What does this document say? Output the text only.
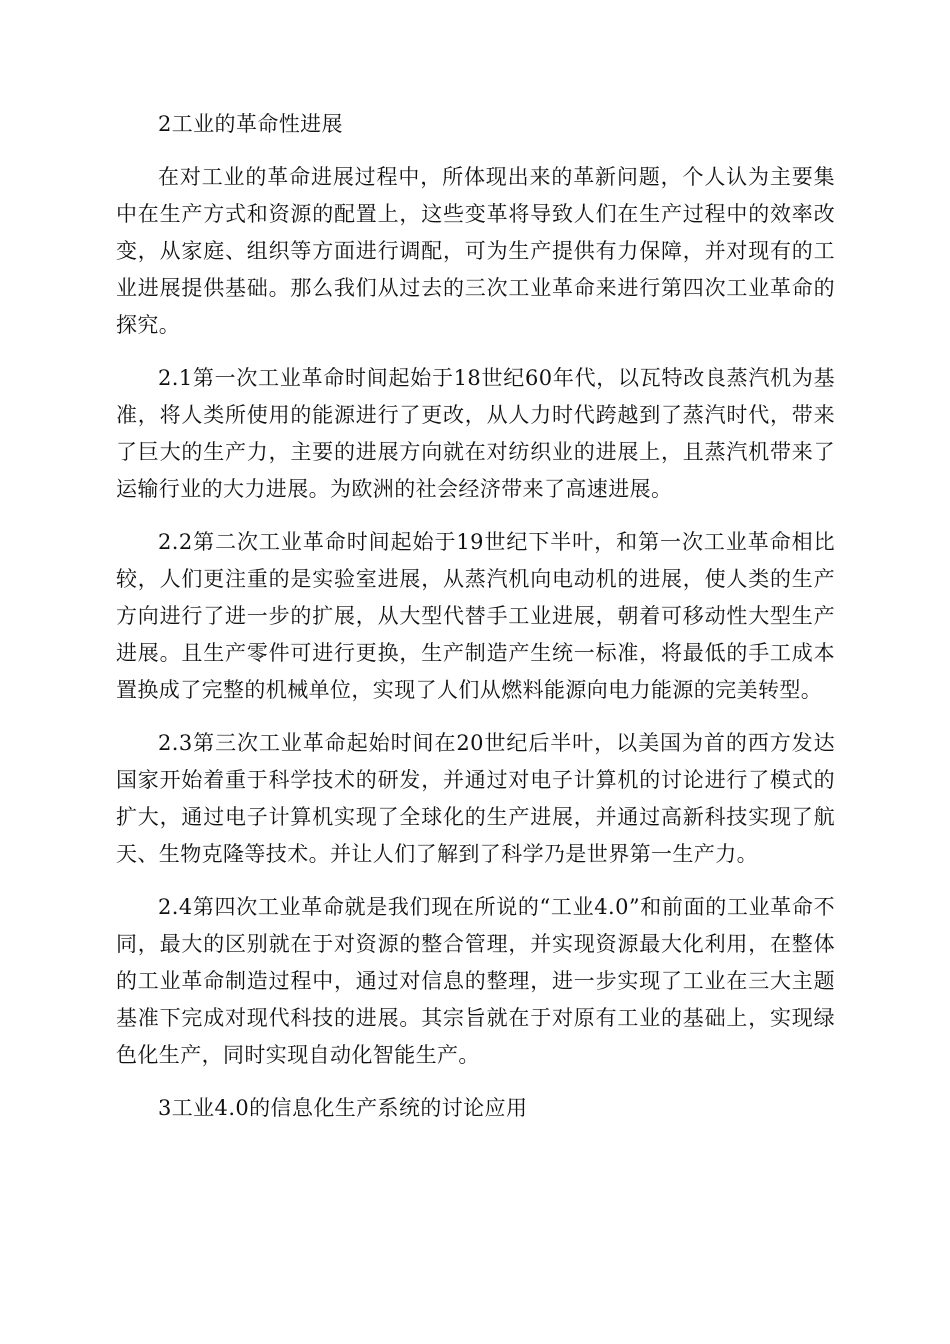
2工业的革命性进展

在对工业的革命进展过程中，所体现出来的革新问题，个人认为主要集中在生产方式和资源的配置上，这些变革将导致人们在生产过程中的效率改变，从家庭、组织等方面进行调配，可为生产提供有力保障，并对现有的工业进展提供基础。那么我们从过去的三次工业革命来进行第四次工业革命的探究。

2.1第一次工业革命时间起始于18世纪60年代，以瓦特改良蒸汽机为基准，将人类所使用的能源进行了更改，从人力时代跨越到了蒸汽时代，带来了巨大的生产力，主要的进展方向就在对纺织业的进展上，且蒸汽机带来了运输行业的大力进展。为欧洲的社会经济带来了高速进展。

2.2第二次工业革命时间起始于19世纪下半叶，和第一次工业革命相比较，人们更注重的是实验室进展，从蒸汽机向电动机的进展，使人类的生产方向进行了进一步的扩展，从大型代替手工业进展，朝着可移动性大型生产进展。且生产零件可进行更换，生产制造产生统一标准，将最低的手工成本置换成了完整的机械单位，实现了人们从燃料能源向电力能源的完美转型。

2.3第三次工业革命起始时间在20世纪后半叶，以美国为首的西方发达国家开始着重于科学技术的研发，并通过对电子计算机的讨论进行了模式的扩大，通过电子计算机实现了全球化的生产进展，并通过高新科技实现了航天、生物克隆等技术。并让人们了解到了科学乃是世界第一生产力。

2.4第四次工业革命就是我们现在所说的“工业4.0”和前面的工业革命不同，最大的区别就在于对资源的整合管理，并实现资源最大化利用，在整体的工业革命制造过程中，通过对信息的整理，进一步实现了工业在三大主题基准下完成对现代科技的进展。其宗旨就在于对原有工业的基础上，实现绿色化生产，同时实现自动化智能生产。

3工业4.0的信息化生产系统的讨论应用
